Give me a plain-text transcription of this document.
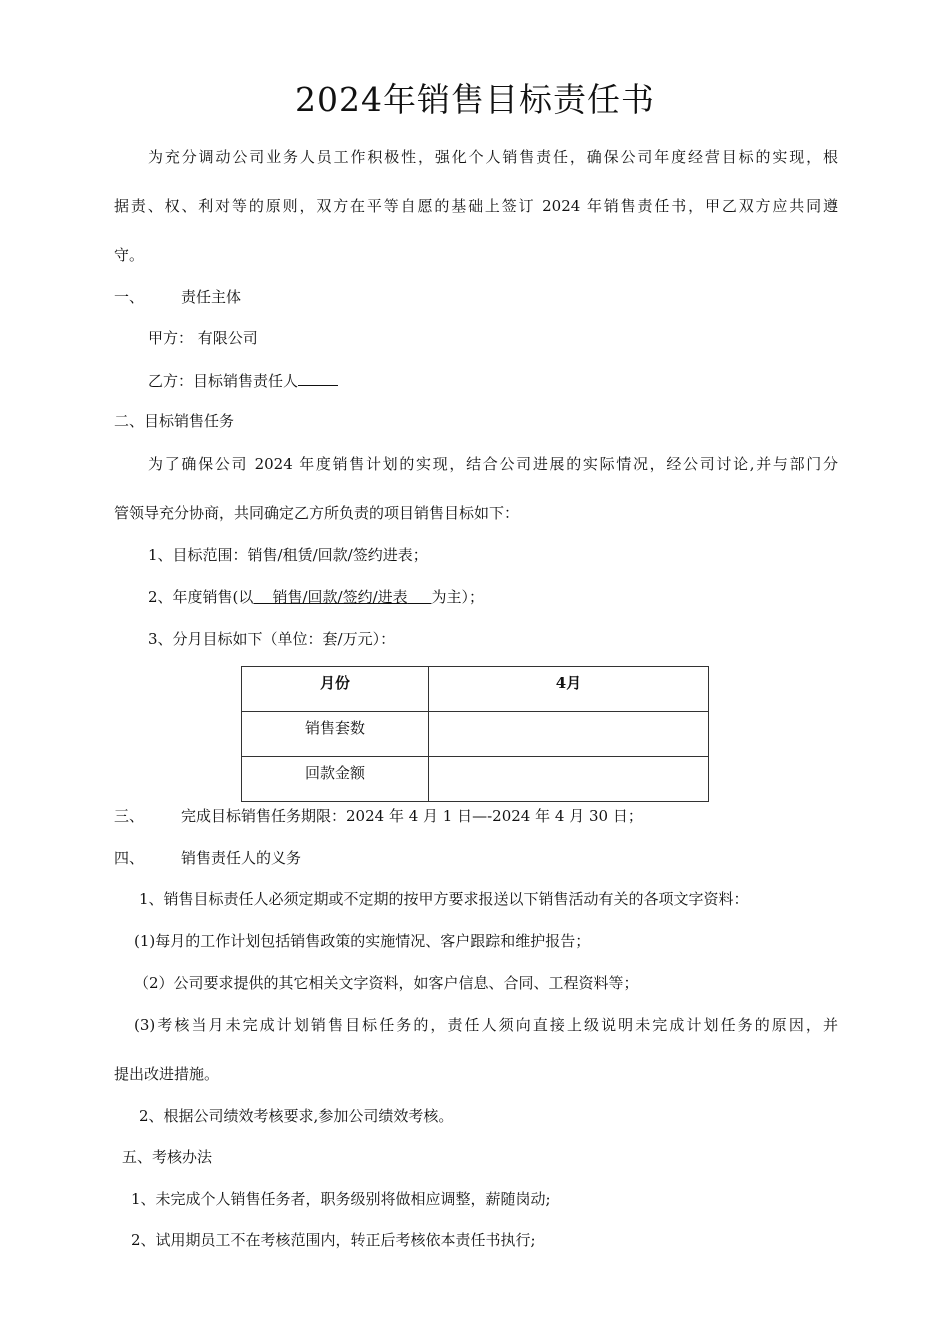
2024年销售目标责任书
为充分调动公司业务人员工作积极性，强化个人销售责任，确保公司年度经营目标的实现，根
据责、权、利对等的原则，双方在平等自愿的基础上签订 2024 年销售责任书，甲乙双方应共同遵
守。
一、 责任主体
甲方： 有限公司
乙方：目标销售责任人
二、目标销售任务
为了确保公司 2024 年度销售计划的实现，结合公司进展的实际情况，经公司讨论,并与部门分
管领导充分协商，共同确定乙方所负责的项目销售目标如下：
1、目标范围：销售/租赁/回款/签约进表；
2、年度销售(以 销售/回款/签约/进表 为主）；
3、分月目标如下（单位：套/万元）：
月份	4月

销售套数	

回款金额	

三、 完成目标销售任务期限：2024 年 4 月 1 日—-2024 年 4 月 30 日；
四、 销售责任人的义务
1、销售目标责任人必须定期或不定期的按甲方要求报送以下销售活动有关的各项文字资料：
(1)每月的工作计划包括销售政策的实施情况、客户跟踪和维护报告；
（2）公司要求提供的其它相关文字资料，如客户信息、合同、工程资料等；
(3)考核当月未完成计划销售目标任务的，责任人须向直接上级说明未完成计划任务的原因，并
提出改进措施。
2、根据公司绩效考核要求,参加公司绩效考核。
五、考核办法
1、未完成个人销售任务者，职务级别将做相应调整，薪随岗动;
2、试用期员工不在考核范围内，转正后考核依本责任书执行;
